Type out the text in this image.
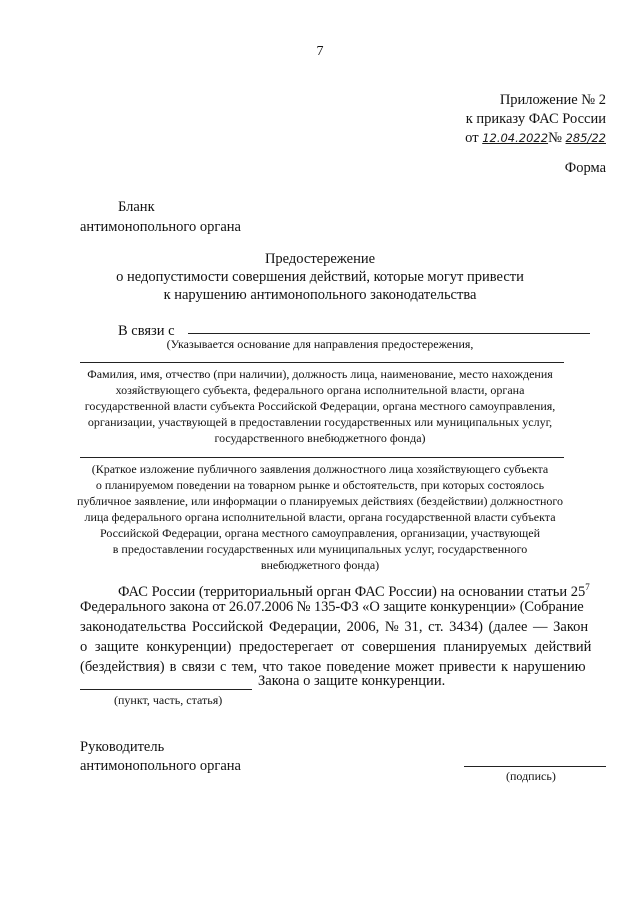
7
Приложение № 2
к приказу ФАС России
от 12.04.2022№ 285/22
Форма
Бланк
антимонопольного органа
Предостережение
о недопустимости совершения действий, которые могут привести
к нарушению антимонопольного законодательства
В связи с
(Указывается основание для направления предостережения,
Фамилия, имя, отчество (при наличии), должность лица, наименование, место нахождения
хозяйствующего субъекта, федерального органа исполнительной власти, органа
государственной власти субъекта Российской Федерации, органа местного самоуправления,
организации, участвующей в предоставлении государственных или муниципальных услуг,
государственного внебюджетного фонда)
(Краткое изложение публичного заявления должностного лица хозяйствующего субъекта
о планируемом поведении на товарном рынке и обстоятельств, при которых состоялось
публичное заявление, или информации о планируемых действиях (бездействии) должностного
лица федерального органа исполнительной власти, органа государственной власти субъекта
Российской Федерации, органа местного самоуправления, организации, участвующей
в предоставлении государственных или муниципальных услуг, государственного
внебюджетного фонда)
ФАС России (территориальный орган ФАС России) на основании статьи $25^7$
Федерального закона от 26.07.2006 № 135-ФЗ «О защите конкуренции» (Собрание
законодательства Российской Федерации, 2006, № 31, ст. 3434) (далее — Закон
о защите конкуренции) предостерегает от совершения планируемых действий
(бездействия) в связи с тем, что такое поведение может привести к нарушению
Закона о защите конкуренции.
(пункт, часть, статья)
Руководитель
антимонопольного органа
(подпись)
